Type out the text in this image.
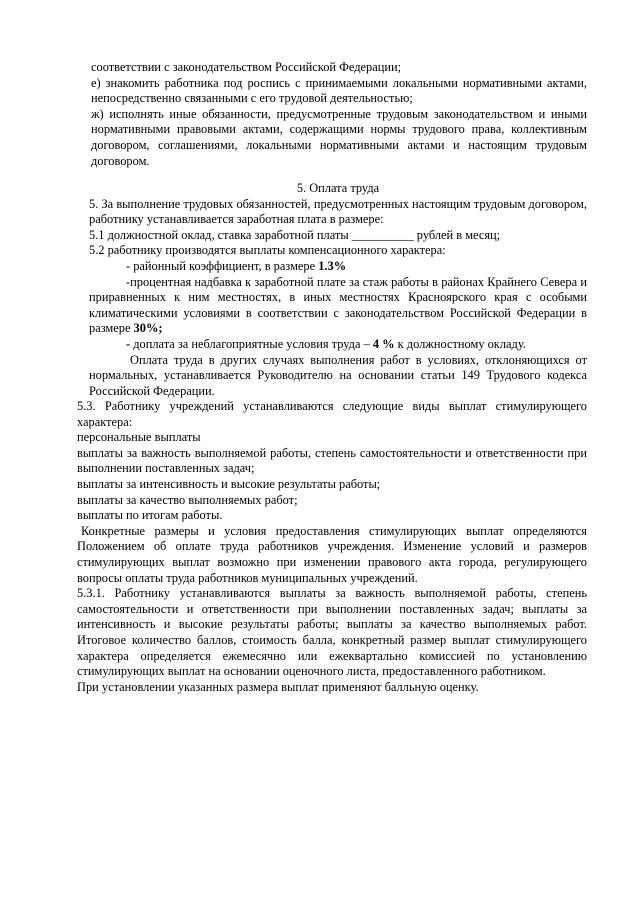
соответствии с законодательством Российской Федерации;
е) знакомить работника под роспись с принимаемыми локальными нормативными актами, непосредственно связанными с его трудовой деятельностью;
ж) исполнять иные обязанности, предусмотренные трудовым законодательством и иными нормативными правовыми актами, содержащими нормы трудового права, коллективным договором, соглашениями, локальными нормативными актами и настоящим трудовым договором.
5. Оплата труда
5. За выполнение трудовых обязанностей, предусмотренных настоящим трудовым договором, работнику устанавливается заработная плата в размере:
5.1 должностной оклад, ставка заработной платы __________ рублей в месяц;
5.2 работнику производятся выплаты компенсационного характера:
- районный коэффициент, в размере 1.3%
-процентная надбавка к заработной плате за стаж работы в районах Крайнего Севера и приравненных к ним местностях, в иных местностях Красноярского края с особыми климатическими условиями в соответствии с законодательством Российской Федерации в размере 30%;
- доплата за неблагоприятные условия труда – 4 % к должностному окладу.
Оплата труда в других случаях выполнения работ в условиях, отклоняющихся от нормальных, устанавливается Руководителю на основании статьи 149 Трудового кодекса Российской Федерации.
5.3. Работнику учреждений устанавливаются следующие виды выплат стимулирующего характера:
персональные выплаты
выплаты за важность выполняемой работы, степень самостоятельности и ответственности при выполнении поставленных задач;
выплаты за интенсивность и высокие результаты работы;
выплаты за качество выполняемых работ;
выплаты по итогам работы.
Конкретные размеры и условия предоставления стимулирующих выплат определяются Положением об оплате труда работников учреждения. Изменение условий и размеров стимулирующих выплат возможно при изменении правового акта города, регулирующего вопросы оплаты труда работников муниципальных учреждений.
5.3.1. Работнику устанавливаются выплаты за важность выполняемой работы, степень самостоятельности и ответственности при выполнении поставленных задач; выплаты за интенсивность и высокие результаты работы; выплаты за качество выполняемых работ. Итоговое количество баллов, стоимость балла, конкретный размер выплат стимулирующего характера определяется ежемесячно или ежеквартально комиссией по установлению стимулирующих выплат на основании оценочного листа, предоставленного работником.
При установлении указанных размера выплат применяют балльную оценку.
